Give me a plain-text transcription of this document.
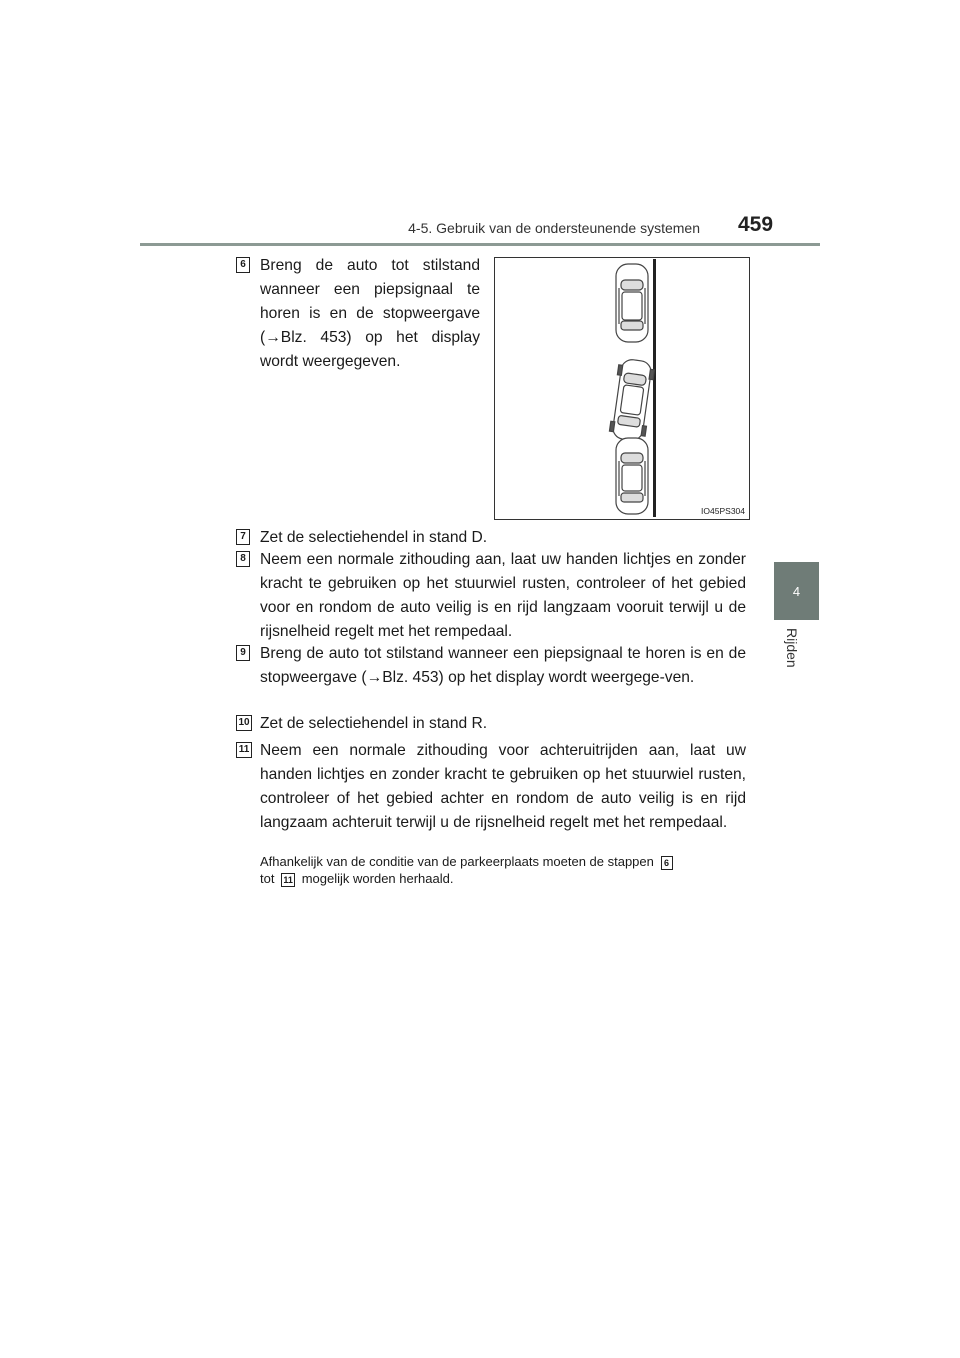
4-5. Gebruik van de ondersteunende systemen 459
4
Rijden
6 Breng de auto tot stilstand wanneer een piepsignaal te horen is en de stopweergave (→Blz. 453) op het display wordt weergegeven.
IO45PS304
7 Zet de selectiehendel in stand D.
8 Neem een normale zithouding aan, laat uw handen lichtjes en zonder kracht te gebruiken op het stuurwiel rusten, controleer of het gebied voor en rondom de auto veilig is en rijd langzaam vooruit terwijl u de rijsnelheid regelt met het rempedaal.
9 Breng de auto tot stilstand wanneer een piepsignaal te horen is en de stopweergave (→Blz. 453) op het display wordt weergege-ven.
10 Zet de selectiehendel in stand R.
11 Neem een normale zithouding voor achteruitrijden aan, laat uw handen lichtjes en zonder kracht te gebruiken op het stuurwiel rusten, controleer of het gebied achter en rondom de auto veilig is en rijd langzaam achteruit terwijl u de rijsnelheid regelt met het rempedaal.
Afhankelijk van de conditie van de parkeerplaats moeten de stappen 6
tot 11 mogelijk worden herhaald.
